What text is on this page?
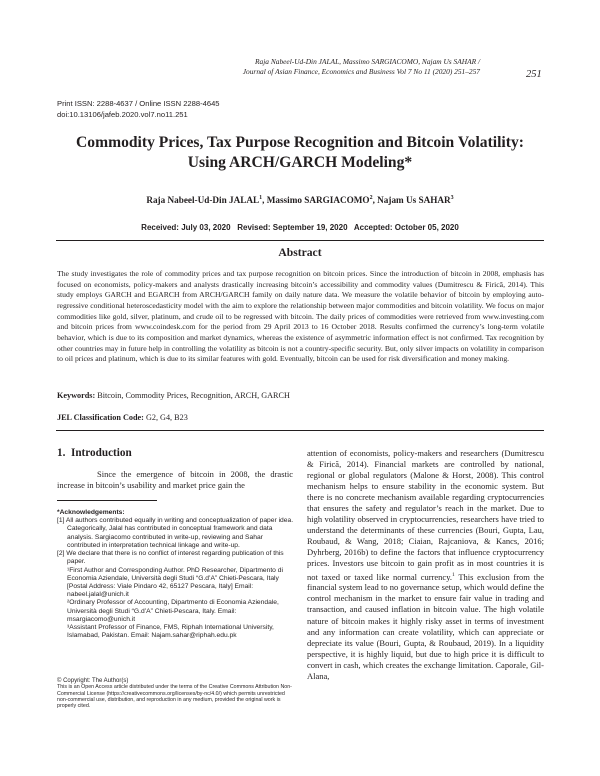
Raja Nabeel-Ud-Din JALAL, Massimo SARGIACOMO, Najam Us SAHAR /
Journal of Asian Finance, Economics and Business Vol 7 No 11 (2020) 251–257	251
Print ISSN: 2288-4637 / Online ISSN 2288-4645
doi:10.13106/jafeb.2020.vol7.no11.251
Commodity Prices, Tax Purpose Recognition and Bitcoin Volatility:
Using ARCH/GARCH Modeling*
Raja Nabeel-Ud-Din JALAL$^1$, Massimo SARGIACOMO$^2$, Najam Us SAHAR$^3$
Received: July 03, 2020   Revised: September 19, 2020   Accepted: October 05, 2020
Abstract

The study investigates the role of commodity prices and tax purpose recognition on bitcoin prices. Since the introduction of bitcoin in 2008, emphasis has focused on economists, policy-makers and analysts drastically increasing bitcoin’s accessibility and commodity values (Dumitrescu & Firică, 2014). This study employs GARCH and EGARCH from ARCH/GARCH family on daily nature data. We measure the volatile behavior of bitcoin by employing auto-regressive conditional heteroscedasticity model with the aim to explore the relationship between major commodities and bitcoin volatility. We focus on major commodities like gold, silver, platinum, and crude oil to be regressed with bitcoin. The daily prices of commodities were retrieved from www.investing.com and bitcoin prices from www.coindesk.com for the period from 29 April 2013 to 16 October 2018. Results confirmed the currency’s long-term volatile behavior, which is due to its composition and market dynamics, whereas the existence of asymmetric information effect is not confirmed. Tax recognition by other countries may in future help in controlling the volatility as bitcoin is not a country-specific security. But, only silver impacts on volatility in comparison to oil prices and platinum, which is due to its similar features with gold. Eventually, bitcoin can be used for risk diversification and money making.

Keywords: Bitcoin, Commodity Prices, Recognition, ARCH, GARCH
JEL Classification Code: G2, G4, B23
1.  Introduction

Since the emergence of bitcoin in 2008, the drastic increase in bitcoin’s usability and market price gain the

*Acknowledgements:

[1] All authors contributed equally in writing and conceptualization of paper idea. Categorically, Jalal has contributed in conceptual framework and data analysis. Sargiacomo contributed in write-up, reviewing and Sahar contributed in interpretation technical linkage and write-up.

[2] We declare that there is no conflict of interest regarding publication of this paper.

¹First Author and Corresponding Author. PhD Researcher, Dipartmento di Economia Aziendale, Università degli Studi “G.d’A” Chieti-Pescara, Italy [Postal Address: Viale Pindaro 42, 65127 Pescara, Italy] Email: nabeel.jalal@unich.it

²Ordinary Professor of Accounting, Dipartmento di Economia Aziendale, Università degli Studi “G.d’A” Chieti-Pescara, Italy. Email: msargiacomo@unich.it

³Assistant Professor of Finance, FMS, Riphah International University, Islamabad, Pakistan. Email: Najam.sahar@riphah.edu.pk

© Copyright: The Author(s)

This is an Open Access article distributed under the terms of the Creative Commons Attribution Non-Commercial License (https://creativecommons.org/licenses/by-nc/4.0/) which permits unrestricted non-commercial use, distribution, and reproduction in any medium, provided the original work is properly cited.

attention of economists, policy-makers and researchers (Dumitrescu & Firică, 2014). Financial markets are controlled by national, regional or global regulators (Malone & Horst, 2008). This control mechanism helps to ensure stability in the economic system. But there is no concrete mechanism available regarding cryptocurrencies that ensures the safety and regulator’s reach in the market. Due to high volatility observed in cryptocurrencies, researchers have tried to understand the determinants of these currencies (Bouri, Gupta, Lau, Roubaud, & Wang, 2018; Ciaian, Rajcaniova, & Kancs, 2016; Dyhrberg, 2016b) to define the factors that influence cryptocurrency prices. Investors use bitcoin to gain profit as in most countries it is not taxed or taxed like normal currency.$^1$ This exclusion from the financial system lead to no governance setup, which would define the control mechanism in the market to ensure fair value in trading and transaction, and caused inflation in bitcoin value. The high volatile nature of bitcoin makes it highly risky asset in terms of investment and any information can create volatility, which can appreciate or depreciate its value (Bouri, Gupta, & Roubaud, 2019). In a liquidity perspective, it is highly liquid, but due to high price it is difficult to convert in cash, which creates the exchange limitation. Caporale, Gil-Alana,
